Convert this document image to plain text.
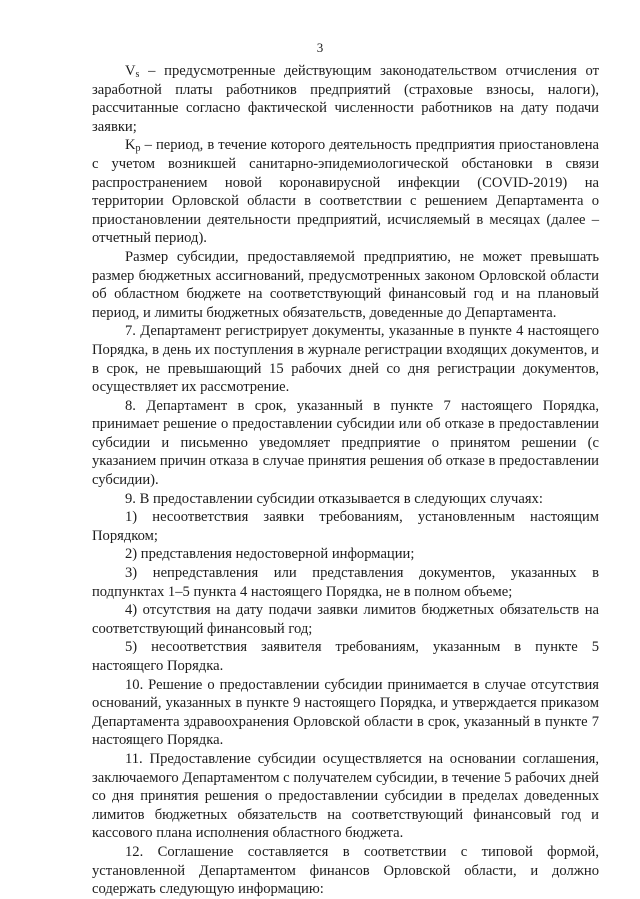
3

$V_s$ – предусмотренные действующим законодательством отчисления от заработной платы работников предприятий (страховые взносы, налоги), рассчитанные согласно фактической численности работников на дату подачи заявки;

$K_p$ – период, в течение которого деятельность предприятия приостановлена с учетом возникшей санитарно-эпидемиологической обстановки в связи распространением новой коронавирусной инфекции (COVID-2019) на территории Орловской области в соответствии с решением Департамента о приостановлении деятельности предприятий, исчисляемый в месяцах (далее – отчетный период).

Размер субсидии, предоставляемой предприятию, не может превышать размер бюджетных ассигнований, предусмотренных законом Орловской области об областном бюджете на соответствующий финансовый год и на плановый период, и лимиты бюджетных обязательств, доведенные до Департамента.

7. Департамент регистрирует документы, указанные в пункте 4 настоящего Порядка, в день их поступления в журнале регистрации входящих документов, и в срок, не превышающий 15 рабочих дней со дня регистрации документов, осуществляет их рассмотрение.

8. Департамент в срок, указанный в пункте 7 настоящего Порядка, принимает решение о предоставлении субсидии или об отказе в предоставлении субсидии и письменно уведомляет предприятие о принятом решении (с указанием причин отказа в случае принятия решения об отказе в предоставлении субсидии).

9. В предоставлении субсидии отказывается в следующих случаях:

1) несоответствия заявки требованиям, установленным настоящим Порядком;

2) представления недостоверной информации;

3) непредставления или представления документов, указанных в подпунктах 1–5 пункта 4 настоящего Порядка, не в полном объеме;

4) отсутствия на дату подачи заявки лимитов бюджетных обязательств на соответствующий финансовый год;

5) несоответствия заявителя требованиям, указанным в пункте 5 настоящего Порядка.

10. Решение о предоставлении субсидии принимается в случае отсутствия оснований, указанных в пункте 9 настоящего Порядка, и утверждается приказом Департамента здравоохранения Орловской области в срок, указанный в пункте 7 настоящего Порядка.

11. Предоставление субсидии осуществляется на основании соглашения, заключаемого Департаментом с получателем субсидии, в течение 5 рабочих дней со дня принятия решения о предоставлении субсидии в пределах доведенных лимитов бюджетных обязательств на соответствующий финансовый год и кассового плана исполнения областного бюджета.

12. Соглашение составляется в соответствии с типовой формой, установленной Департаментом финансов Орловской области, и должно содержать следующую информацию:
